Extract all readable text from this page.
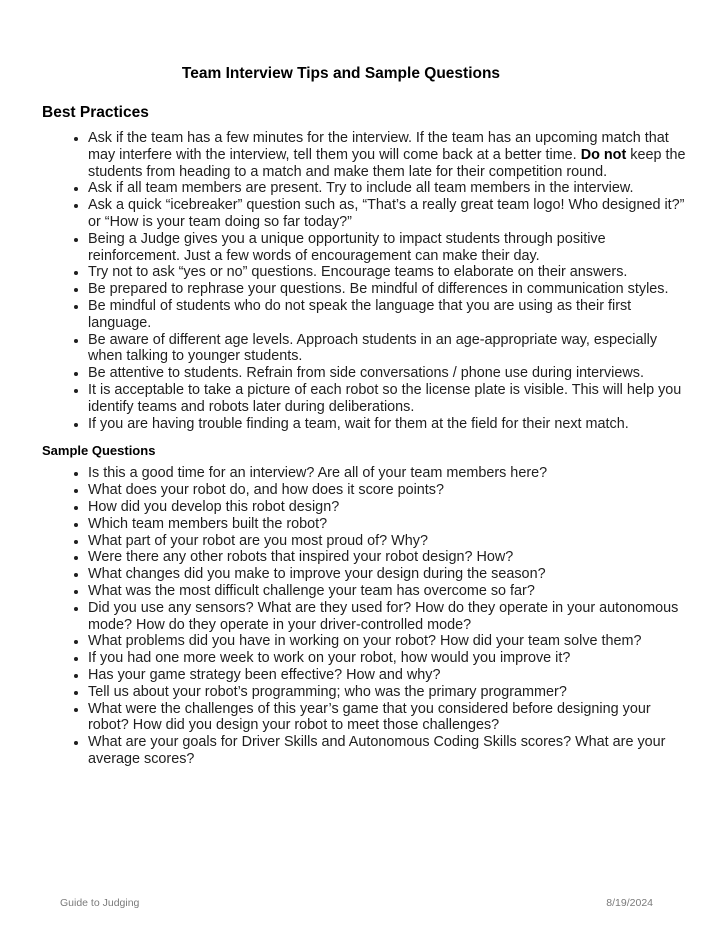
Team Interview Tips and Sample Questions
Best Practices
• Ask if the team has a few minutes for the interview. If the team has an upcoming match that may interfere with the interview, tell them you will come back at a better time. Do not keep the students from heading to a match and make them late for their competition round.
• Ask if all team members are present. Try to include all team members in the interview.
• Ask a quick “icebreaker” question such as, “That’s a really great team logo! Who designed it?” or “How is your team doing so far today?”
• Being a Judge gives you a unique opportunity to impact students through positive reinforcement. Just a few words of encouragement can make their day.
• Try not to ask “yes or no” questions. Encourage teams to elaborate on their answers.
• Be prepared to rephrase your questions. Be mindful of differences in communication styles.
• Be mindful of students who do not speak the language that you are using as their first language.
• Be aware of different age levels. Approach students in an age-appropriate way, especially when talking to younger students.
• Be attentive to students. Refrain from side conversations / phone use during interviews.
• It is acceptable to take a picture of each robot so the license plate is visible. This will help you identify teams and robots later during deliberations.
• If you are having trouble finding a team, wait for them at the field for their next match.
Sample Questions
• Is this a good time for an interview? Are all of your team members here?
• What does your robot do, and how does it score points?
• How did you develop this robot design?
• Which team members built the robot?
• What part of your robot are you most proud of? Why?
• Were there any other robots that inspired your robot design? How?
• What changes did you make to improve your design during the season?
• What was the most difficult challenge your team has overcome so far?
• Did you use any sensors? What are they used for? How do they operate in your autonomous mode? How do they operate in your driver-controlled mode?
• What problems did you have in working on your robot? How did your team solve them?
• If you had one more week to work on your robot, how would you improve it?
• Has your game strategy been effective? How and why?
• Tell us about your robot’s programming; who was the primary programmer?
• What were the challenges of this year’s game that you considered before designing your robot? How did you design your robot to meet those challenges?
• What are your goals for Driver Skills and Autonomous Coding Skills scores? What are your average scores?
Guide to Judging	8/19/2024
